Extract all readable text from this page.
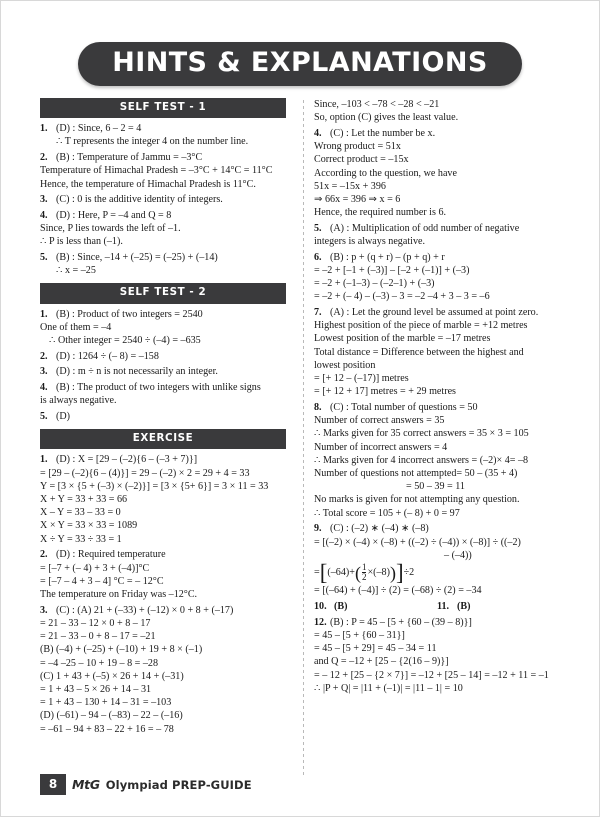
HINTS & EXPLANATIONS
SELF TEST - 1
1. (D) : Since, 6 – 2 = 4
∴ T represents the integer 4 on the number line.
2. (B) : Temperature of Jammu = –3°C
Temperature of Himachal Pradesh = –3°C + 14°C = 11°C
Hence, the temperature of Himachal Pradesh is 11°C.
3. (C) : 0 is the additive identity of integers.
4. (D) : Here, P = –4 and Q = 8
Since, P lies towards the left of –1.
∴ P is less than (–1).
5. (B) : Since, –14 + (–25) = (–25) + (–14)
∴ x = –25
SELF TEST - 2
1. (B) : Product of two integers = 2540
One of them = –4
∴ Other integer = 2540 ÷ (–4) = –635
2. (D) : 1264 ÷ (– 8) = –158
3. (D) : m ÷ n is not necessarily an integer.
4. (B) : The product of two integers with unlike signs
is always negative.
5. (D)
EXERCISE
1. (D) : X = [29 – (–2){6 – (–3 + 7)}]
= [29 – (–2){6 – (4)}] = 29 – (–2) × 2 = 29 + 4 = 33
Y = [3 × {5 + (–3) × (–2)}] = [3 × {5+ 6}] = 3 × 11 = 33
X + Y = 33 + 33 = 66
X – Y = 33 – 33 = 0
X × Y = 33 × 33 = 1089
X ÷ Y = 33 ÷ 33 = 1
2. (D) : Required temperature
= [–7 + (– 4) + 3 + (–4)]°C
= [–7 – 4 + 3 – 4] °C = – 12°C
The temperature on Friday was –12°C.
3. (C) : (A) 21 + (–33) + (–12) × 0 + 8 + (–17)
= 21 – 33 – 12 × 0 + 8 – 17
= 21 – 33 – 0 + 8 – 17 = –21
(B) (–4) + (–25) + (–10) + 19 + 8 × (–1)
= –4 –25 – 10 + 19 – 8 = –28
(C) 1 + 43 + (–5) × 26 + 14 + (–31)
= 1 + 43 – 5 × 26 + 14 – 31
= 1 + 43 – 130 + 14 – 31 = –103
(D) (–61) – 94 – (–83) – 22 – (–16)
= –61 – 94 + 83 – 22 + 16 = – 78
Since, –103 < –78 < –28 < –21
So, option (C) gives the least value.
4. (C) : Let the number be x.
Wrong product = 51x
Correct product = –15x
According to the question, we have
51x = –15x + 396
⇒ 66x = 396 ⇒ x = 6
Hence, the required number is 6.
5. (A) : Multiplication of odd number of negative
integers is always negative.
6. (B) : p + (q + r) – (p + q) + r
= –2 + [–1 + (–3)] – [–2 + (–1)] + (–3)
= –2 + (–1–3) – (–2–1) + (–3)
= –2 + (– 4) – (–3) – 3 = –2 –4 + 3 – 3 = –6
7. (A) : Let the ground level be assumed at point zero.
Highest position of the piece of marble = +12 metres
Lowest position of the marble = –17 metres
Total distance = Difference between the highest and
lowest position
= [+ 12 – (–17)] metres
= [+ 12 + 17] metres = + 29 metres
8. (C) : Total number of questions = 50
Number of correct answers = 35
∴ Marks given for 35 correct answers = 35 × 3 = 105
Number of incorrect answers = 4
∴ Marks given for 4 incorrect answers = (–2)× 4= –8
Number of questions not attempted= 50 – (35 + 4)
= 50 – 39 = 11
No marks is given for not attempting any question.
∴ Total score = 105 + (– 8) + 0 = 97
9. (C) : (–2) ∗ (–4) ∗ (–8)
= [(–2) × (–4) × (–8) + ((–2) ÷ (–4)) × (–8)] ÷ ((–2)
– (–4))
= [ (–64)+ ( $\frac{1}{2} \times(-8)$ ) ] ÷2
= [(–64) + (–4)] ÷ (2) = (–68) ÷ (2) = –34
10. (B)	11. (B)
12. (B) : P = 45 – [5 + {60 – (39 – 8)}]
= 45 – [5 + {60 – 31}]
= 45 – [5 + 29] = 45 – 34 = 11
and Q = –12 + [25 – {2(16 – 9)}]
= – 12 + [25 – {2 × 7}] = –12 + [25 – 14] = –12 + 11 = –1
∴ |P + Q| = |11 + (–1)| = |11 – 1| = 10
8	MtG Olympiad PREP-GUIDE
